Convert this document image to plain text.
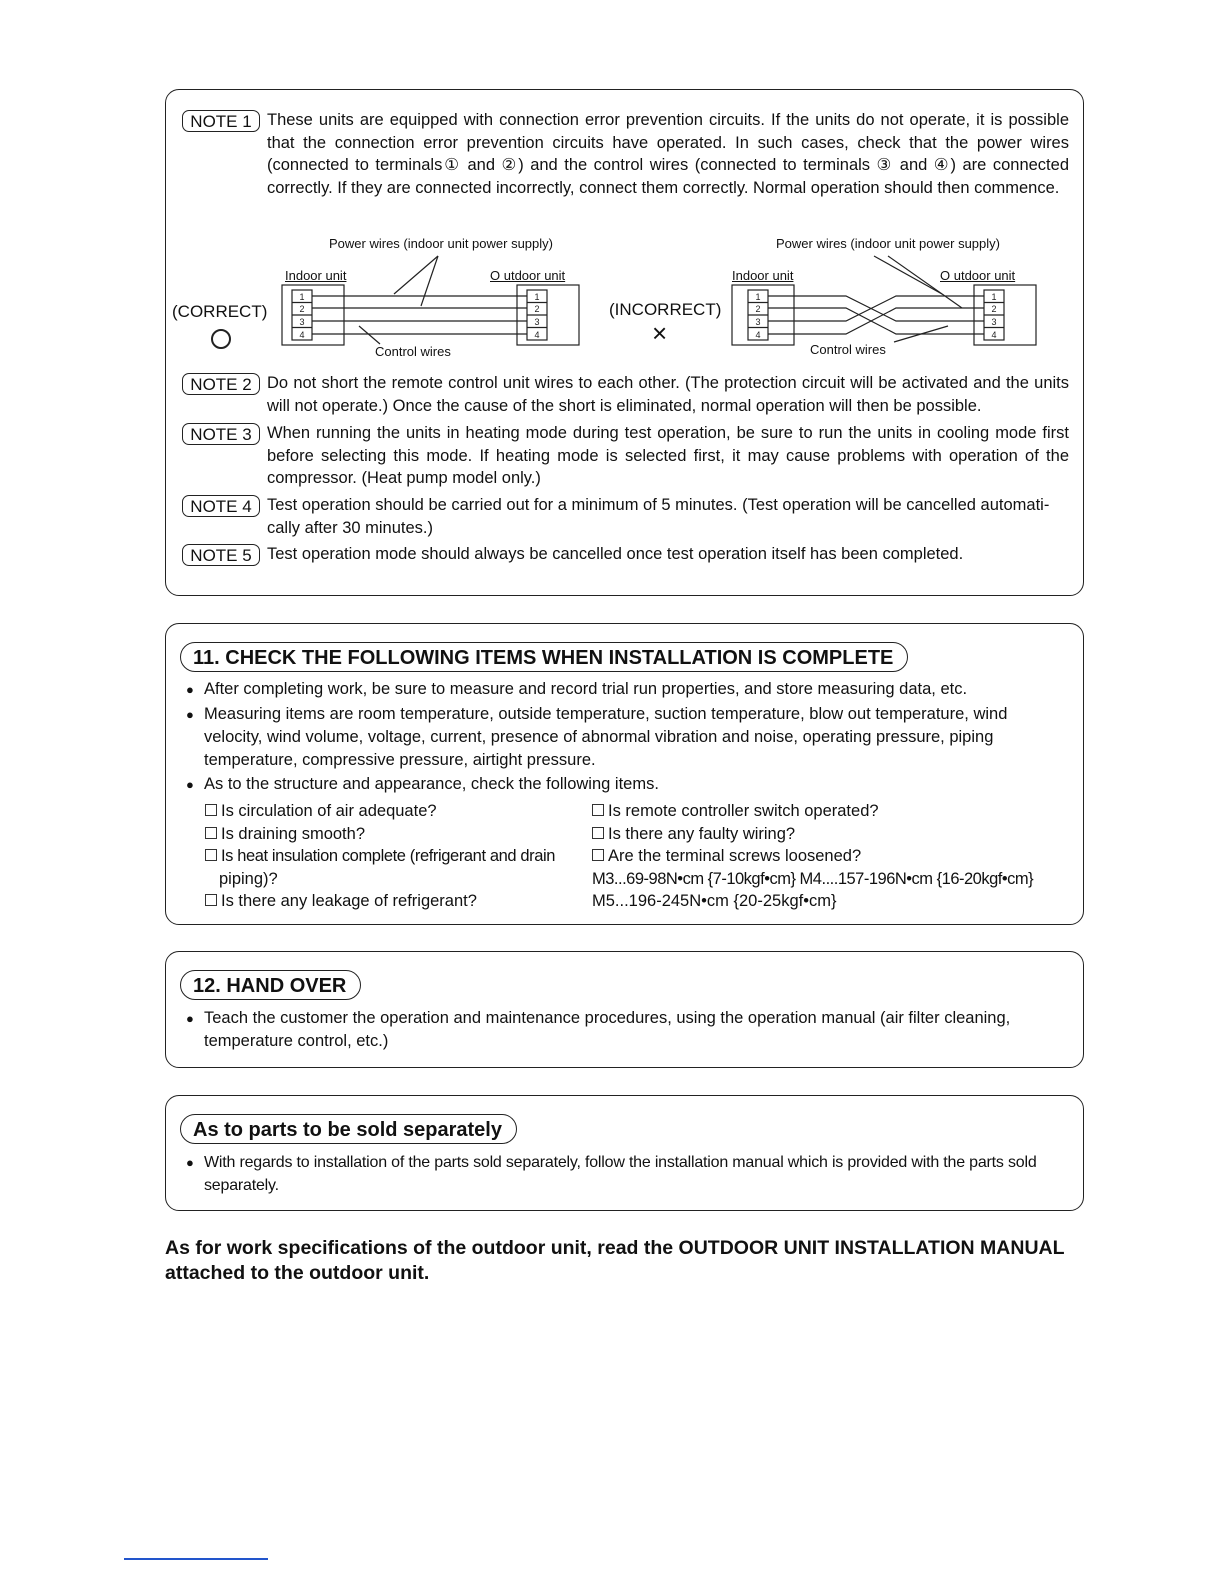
NOTE 1 These units are equipped with connection error prevention circuits. If the units do not operate, it is possible that the connection error prevention circuits have operated. In such cases, check that the power wires (connected to terminals① and ②) and the control wires (connected to terminals ③ and ④) are connected correctly. If they are connected incorrectly, connect them correctly. Normal operation should then commence.
(CORRECT)
Power wires (indoor unit power supply)
Indoor unit	O utdoor unit
Control wires
(INCORRECT)
×
Power wires (indoor unit power supply)
Indoor unit	O utdoor unit
Control wires
1
2
3
4
1
2
3
4
1
2
3
4
1
2
3
4
NOTE 2 Do not short the remote control unit wires to each other. (The protection circuit will be activated and the units will not operate.) Once the cause of the short is eliminated, normal operation will then be possible.
NOTE 3 When running the units in heating mode during test operation, be sure to run the units in cooling mode first before selecting this mode. If heating mode is selected first, it may cause problems with operation of the compressor. (Heat pump model only.)
NOTE 4 Test operation should be carried out for a minimum of 5 minutes. (Test operation will be cancelled automati- cally after 30 minutes.)
NOTE 5 Test operation mode should always be cancelled once test operation itself has been completed.
11. CHECK THE FOLLOWING ITEMS WHEN INSTALLATION IS COMPLETE
● After completing work, be sure to measure and record trial run properties, and store measuring data, etc.
● Measuring items are room temperature, outside temperature, suction temperature, blow out temperature, wind velocity, wind volume, voltage, current, presence of abnormal vibration and noise, operating pressure, piping temperature, compressive pressure, airtight pressure.
● As to the structure and appearance, check the following items.
Is circulation of air adequate?
Is draining smooth?
Is heat insulation complete (refrigerant and drain
piping)?
Is there any leakage of refrigerant?
Is remote controller switch operated?
Is there any faulty wiring?
Are the terminal screws loosened?
M3...69-98N•cm {7-10kgf•cm} M4....157-196N•cm {16-20kgf•cm}
M5...196-245N•cm {20-25kgf•cm}
12. HAND OVER
● Teach the customer the operation and maintenance procedures, using the operation manual (air filter cleaning, temperature control, etc.)
As to parts to be sold separately
● With regards to installation of the parts sold separately, follow the installation manual which is provided with the parts sold separately.
As for work specifications of the outdoor unit, read the OUTDOOR UNIT INSTALLATION MANUAL attached to the outdoor unit.
